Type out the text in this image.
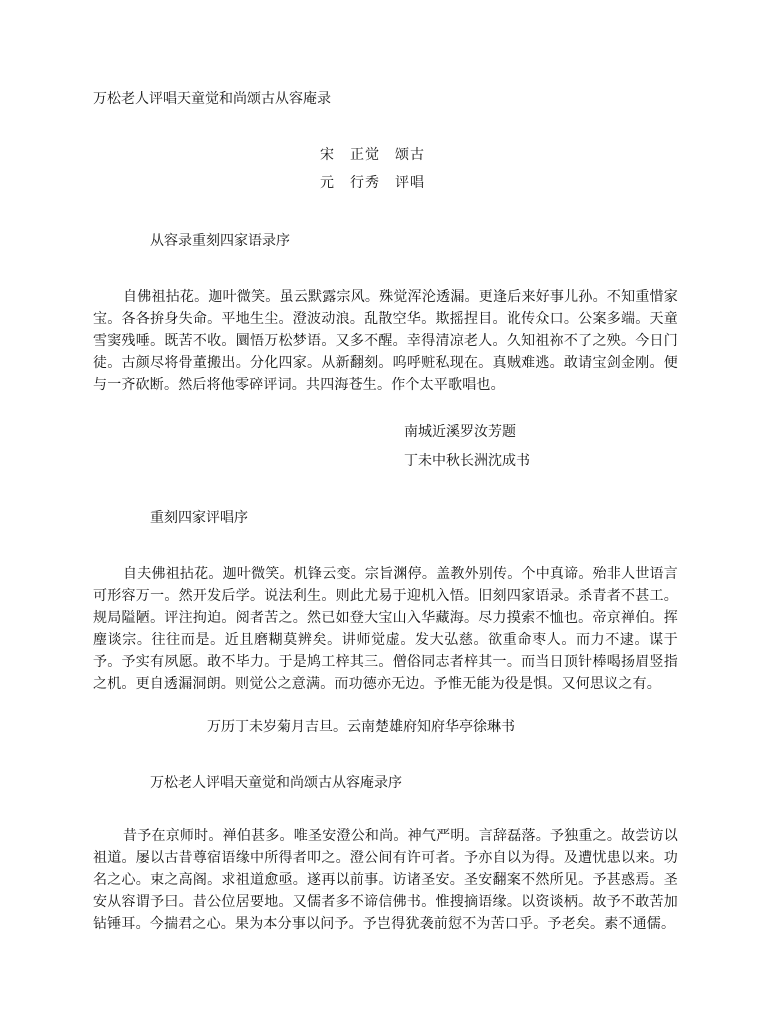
万松老人评唱天童觉和尚颂古从容庵录
宋　正觉　颂古
元　行秀　评唱
从容录重刻四家语录序
自佛祖拈花。迦叶微笑。虽云默露宗风。殊觉浑沦透漏。更逢后来好事儿孙。不知重惜家宝。各各拚身失命。平地生尘。澄波动浪。乱散空华。欺摇捏目。讹传众口。公案多端。天童雪窦残唾。既苦不收。圜悟万松梦语。又多不醒。幸得清凉老人。久知祖祢不了之殃。今日门徒。古颜尽将骨董搬出。分化四家。从新翻刻。呜呼赃私现在。真贼难逃。敢请宝剑金刚。便与一齐砍断。然后将他零碎评词。共四海苍生。作个太平歌唱也。
南城近溪罗汝芳题
丁未中秋长洲沈成书
重刻四家评唱序
自夫佛祖拈花。迦叶微笑。机锋云变。宗旨渊停。盖教外别传。个中真谛。殆非人世语言可形容万一。然开发后学。说法利生。则此尤易于迎机入悟。旧刻四家语录。杀青者不甚工。规局隘陋。评注拘迫。阅者苦之。然已如登大宝山入华藏海。尽力摸索不恤也。帝京禅伯。挥麈谈宗。往往而是。近且磨糊莫辨矣。讲师觉虚。发大弘慈。欲重命枣人。而力不逮。谋于予。予实有夙愿。敢不毕力。于是鸠工梓其三。僧俗同志者梓其一。而当日顶针棒喝扬眉竖指之机。更自透漏洞朗。则觉公之意满。而功德亦无边。予惟无能为役是惧。又何思议之有。
万历丁未岁菊月吉旦。云南楚雄府知府华亭徐琳书
万松老人评唱天童觉和尚颂古从容庵录序
昔予在京师时。禅伯甚多。唯圣安澄公和尚。神气严明。言辞磊落。予独重之。故尝访以祖道。屡以古昔尊宿语缘中所得者叩之。澄公间有许可者。予亦自以为得。及遭忧患以来。功名之心。束之高阁。求祖道愈亟。遂再以前事。访诸圣安。圣安翻案不然所见。予甚惑焉。圣安从容谓予曰。昔公位居要地。又儒者多不谛信佛书。惟搜摘语缘。以资谈柄。故予不敢苦加钻锤耳。今揣君之心。果为本分事以问予。予岂得犹袭前愆不为苦口乎。予老矣。素不通儒。
